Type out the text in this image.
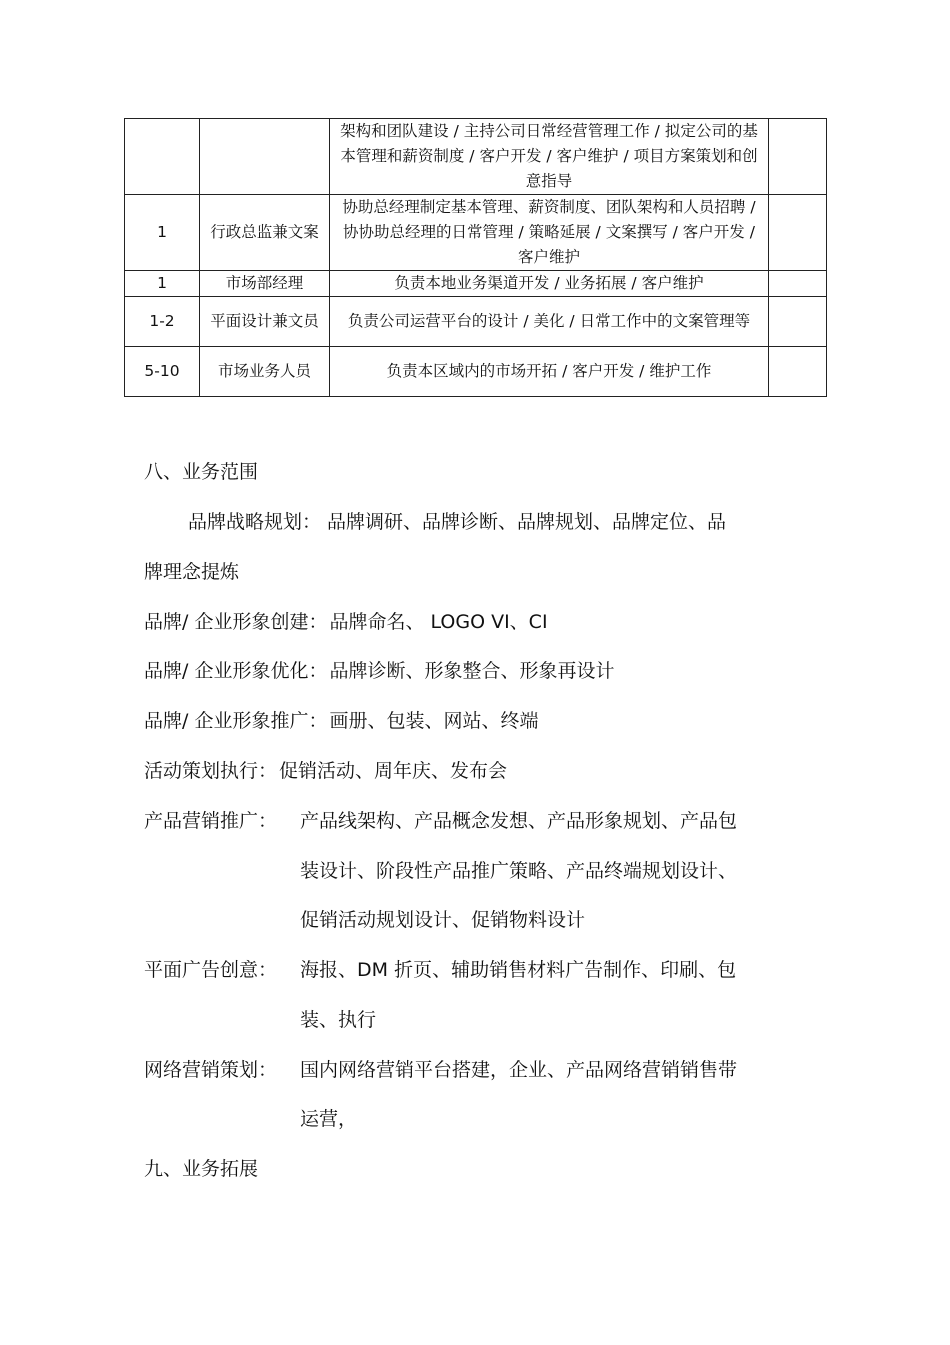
		架构和团队建设 / 主持公司日常经营管理工作 / 拟定公司的基本管理和薪资制度 / 客户开发 / 客户维护 / 项目方案策划和创意指导	
1	行政总监兼文案	协助总经理制定基本管理、薪资制度、团队架构和人员招聘 / 协协助总经理的日常管理 / 策略延展 / 文案撰写 / 客户开发 / 客户维护	
1	市场部经理	负责本地业务渠道开发 / 业务拓展 / 客户维护	
1-2	平面设计兼文员	负责公司运营平台的设计 / 美化 / 日常工作中的文案管理等	
5-10	市场业务人员	负责本区域内的市场开拓 / 客户开发 / 维护工作	
八、业务范围
品牌战略规划： 品牌调研、品牌诊断、品牌规划、品牌定位、品
牌理念提炼
品牌/ 企业形象创建： 品牌命名、 LOGO VI、CI
品牌/ 企业形象优化： 品牌诊断、形象整合、形象再设计
品牌/ 企业形象推广： 画册、包装、网站、终端
活动策划执行： 促销活动、周年庆、发布会
产品营销推广： 产品线架构、产品概念发想、产品形象规划、产品包
装设计、阶段性产品推广策略、产品终端规划设计、
促销活动规划设计、促销物料设计
平面广告创意： 海报、DM 折页、辅助销售材料广告制作、印刷、包
装、执行
网络营销策划： 国内网络营销平台搭建，企业、产品网络营销销售带
运营，
九、业务拓展
